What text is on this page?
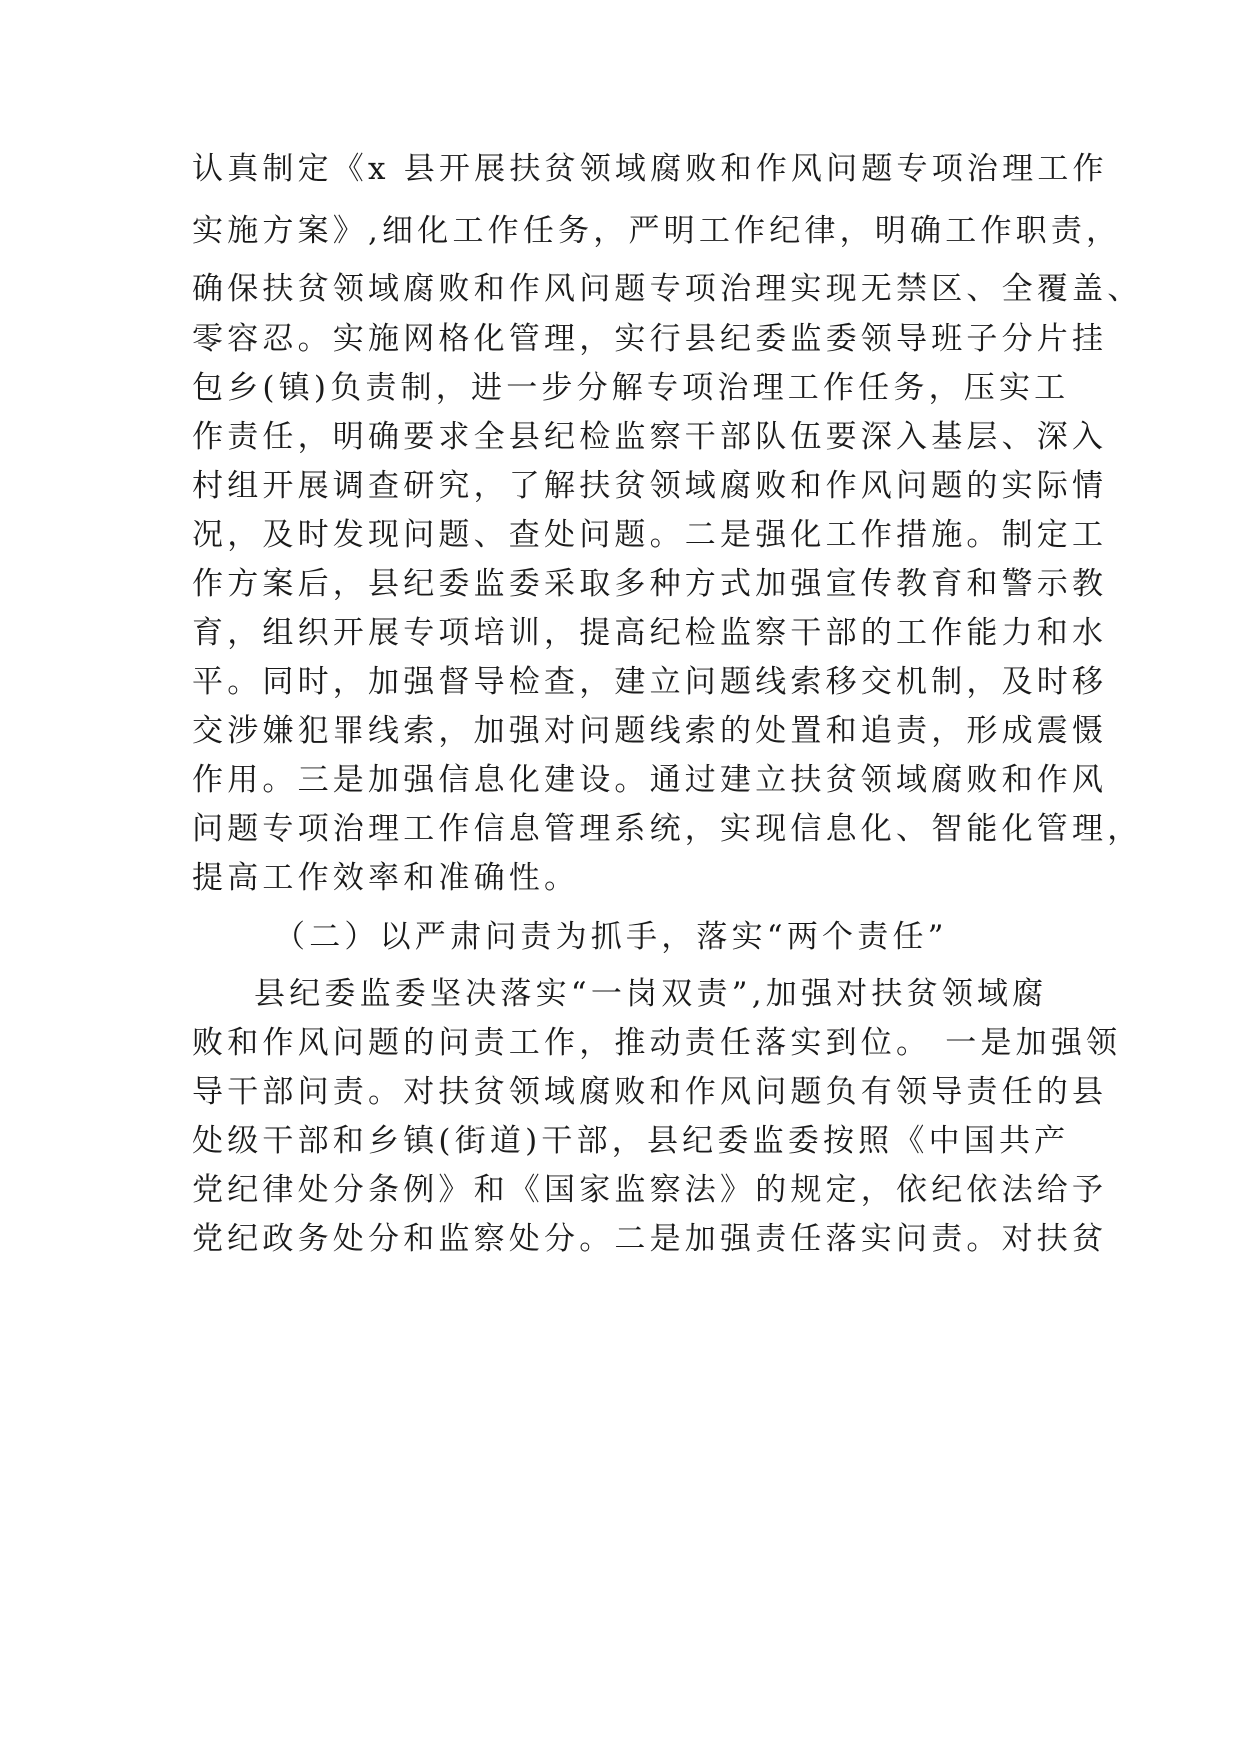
认真制定《x 县开展扶贫领域腐败和作风问题专项治理工作
实施方案》,细化工作任务，严明工作纪律，明确工作职责，
确保扶贫领域腐败和作风问题专项治理实现无禁区、全覆盖、
零容忍。实施网格化管理，实行县纪委监委领导班子分片挂
包乡(镇)负责制，进一步分解专项治理工作任务，压实工
作责任，明确要求全县纪检监察干部队伍要深入基层、深入
村组开展调查研究，了解扶贫领域腐败和作风问题的实际情
况，及时发现问题、查处问题。二是强化工作措施。制定工
作方案后，县纪委监委采取多种方式加强宣传教育和警示教
育，组织开展专项培训，提高纪检监察干部的工作能力和水
平。同时，加强督导检查，建立问题线索移交机制，及时移
交涉嫌犯罪线索，加强对问题线索的处置和追责，形成震慑
作用。三是加强信息化建设。通过建立扶贫领域腐败和作风
问题专项治理工作信息管理系统，实现信息化、智能化管理，
提高工作效率和准确性。
（二）以严肃问责为抓手，落实“两个责任”
县纪委监委坚决落实“一岗双责”,加强对扶贫领域腐
败和作风问题的问责工作，推动责任落实到位。 一是加强领
导干部问责。对扶贫领域腐败和作风问题负有领导责任的县
处级干部和乡镇(街道)干部，县纪委监委按照《中国共产
党纪律处分条例》和《国家监察法》的规定，依纪依法给予
党纪政务处分和监察处分。二是加强责任落实问责。对扶贫
